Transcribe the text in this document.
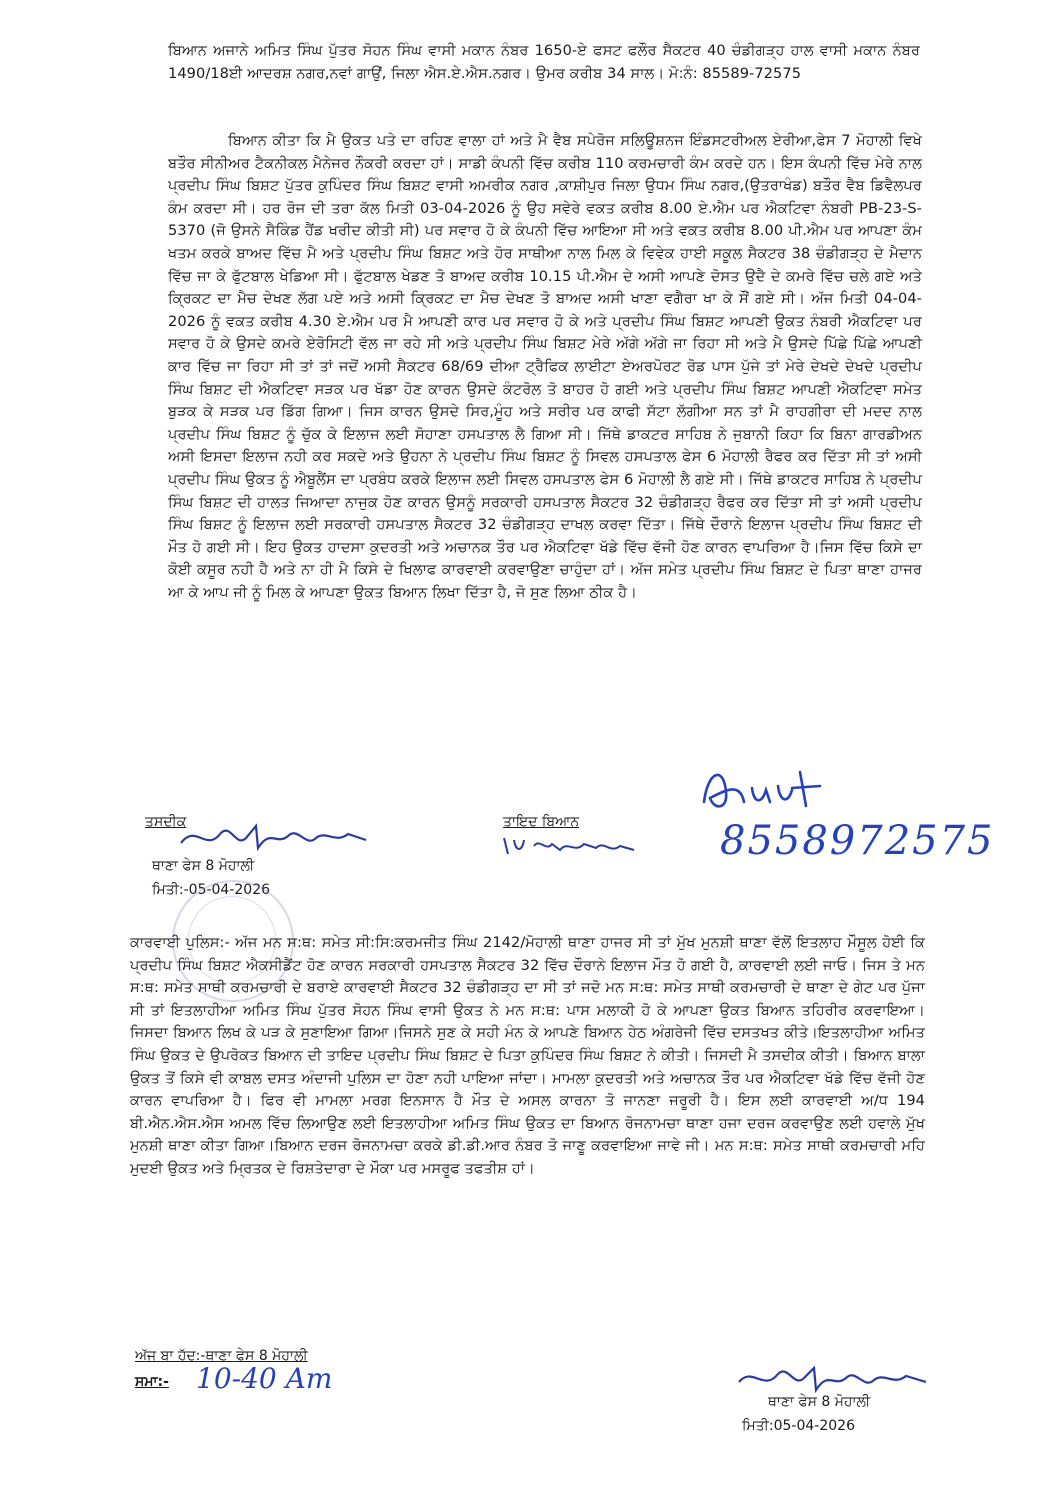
ਬਿਆਨ ਅਜਾਨੇ ਅਮਿਤ ਸਿੰਘ ਪੁੱਤਰ ਸੋਹਨ ਸਿੰਘ ਵਾਸੀ ਮਕਾਨ ਨੰਬਰ 1650-ਏ ਫਸਟ ਫਲੌਰ ਸੈਕਟਰ 40 ਚੰਡੀਗੜ੍ਹ ਹਾਲ ਵਾਸੀ ਮਕਾਨ ਨੰਬਰ 1490/18ਈ ਆਦਰਸ਼ ਨਗਰ,ਨਵਾਂ ਗਾਉਂ, ਜਿਲਾ ਐਸ.ਏ.ਐਸ.ਨਗਰ। ਉਮਰ ਕਰੀਬ 34 ਸਾਲ। ਮੋ:ਨੰ: 85589-72575

ਬਿਆਨ ਕੀਤਾ ਕਿ ਮੈ ਉਕਤ ਪਤੇ ਦਾ ਰਹਿਣ ਵਾਲਾ ਹਾਂ ਅਤੇ ਮੈ ਵੈਬ ਸਪੇਰੋਜ ਸਲਿਊਸ਼ਨਜ ਇੰਡਸਟਰੀਅਲ ਏਰੀਆ,ਫੇਸ 7 ਮੋਹਾਲੀ ਵਿਖੇ ਬਤੌਰ ਸੀਨੀਅਰ ਟੈਕਨੀਕਲ ਮੈਨੇਜਰ ਨੌਕਰੀ ਕਰਦਾ ਹਾਂ। ਸਾਡੀ ਕੰਪਨੀ ਵਿੱਚ ਕਰੀਬ 110 ਕਰਮਚਾਰੀ ਕੰਮ ਕਰਦੇ ਹਨ। ਇਸ ਕੰਪਨੀ ਵਿੱਚ ਮੇਰੇ ਨਾਲ ਪ੍ਰਦੀਪ ਸਿੰਘ ਬਿਸ਼ਟ ਪੁੱਤਰ ਕੁਪਿੰਦਰ ਸਿੰਘ ਬਿਸ਼ਟ ਵਾਸੀ ਅਮਰੀਕ ਨਗਰ ,ਕਾਸ਼ੀਪੁਰ ਜਿਲਾ ਉਧਮ ਸਿੰਘ ਨਗਰ,(ਉਤਰਾਖੰਡ) ਬਤੌਰ ਵੈਬ ਡਿਵੈਲਪਰ ਕੰਮ ਕਰਦਾ ਸੀ। ਹਰ ਰੋਜ ਦੀ ਤਰਾ ਕੱਲ ਮਿਤੀ 03-04-2026 ਨੂੰ ਉਹ ਸਵੇਰੇ ਵਕਤ ਕਰੀਬ 8.00 ਏ.ਐਮ ਪਰ ਐਕਟਿਵਾ ਨੰਬਰੀ PB-23-S-5370 (ਜੋ ਉਸਨੇ ਸੈਕਿੰਡ ਹੈਂਡ ਖਰੀਦ ਕੀਤੀ ਸੀ) ਪਰ ਸਵਾਰ ਹੋ ਕੇ ਕੰਪਨੀ ਵਿੱਚ ਆਇਆ ਸੀ ਅਤੇ ਵਕਤ ਕਰੀਬ 8.00 ਪੀ.ਐਮ ਪਰ ਆਪਣਾ ਕੰਮ ਖਤਮ ਕਰਕੇ ਬਾਅਦ ਵਿੱਚ ਮੈ ਅਤੇ ਪ੍ਰਦੀਪ ਸਿੰਘ ਬਿਸ਼ਟ ਅਤੇ ਹੋਰ ਸਾਥੀਆ ਨਾਲ ਮਿਲ ਕੇ ਵਿਵੇਕ ਹਾਈ ਸਕੂਲ ਸੈਕਟਰ 38 ਚੰਡੀਗੜ੍ਹ ਦੇ ਮੈਦਾਨ ਵਿੱਚ ਜਾ ਕੇ ਫੁੱਟਬਾਲ ਖੇਡਿਆ ਸੀ। ਫੁੱਟਬਾਲ ਖੇਡਣ ਤੋ ਬਾਅਦ ਕਰੀਬ 10.15 ਪੀ.ਐਮ ਦੇ ਅਸੀ ਆਪਣੇ ਦੋਸਤ ਉਦੈ ਦੇ ਕਮਰੇ ਵਿੱਚ ਚਲੇ ਗਏ ਅਤੇ ਕ੍ਰਿਕਟ ਦਾ ਮੈਚ ਦੇਖਣ ਲੱਗ ਪਏ ਅਤੇ ਅਸੀ ਕ੍ਰਿਕਟ ਦਾ ਮੈਚ ਦੇਖਣ ਤੋ ਬਾਅਦ ਅਸੀ ਖਾਣਾ ਵਗੈਰਾ ਖਾ ਕੇ ਸੌਂ ਗਏ ਸੀ। ਅੱਜ ਮਿਤੀ 04-04-2026 ਨੂੰ ਵਕਤ ਕਰੀਬ 4.30 ਏ.ਐਮ ਪਰ ਮੈ ਆਪਣੀ ਕਾਰ ਪਰ ਸਵਾਰ ਹੋ ਕੇ ਅਤੇ ਪ੍ਰਦੀਪ ਸਿੰਘ ਬਿਸ਼ਟ ਆਪਣੀ ਉਕਤ ਨੰਬਰੀ ਐਕਟਿਵਾ ਪਰ ਸਵਾਰ ਹੋ ਕੇ ਉਸਦੇ ਕਮਰੇ ਏਰੋਸਿਟੀ ਵੱਲ ਜਾ ਰਹੇ ਸੀ ਅਤੇ ਪ੍ਰਦੀਪ ਸਿੰਘ ਬਿਸ਼ਟ ਮੇਰੇ ਅੱਗੇ ਅੱਗੇ ਜਾ ਰਿਹਾ ਸੀ ਅਤੇ ਮੈ ਉਸਦੇ ਪਿੱਛੇ ਪਿੱਛੇ ਆਪਣੀ ਕਾਰ ਵਿੱਚ ਜਾ ਰਿਹਾ ਸੀ ਤਾਂ ਤਾਂ ਜਦੋਂ ਅਸੀ ਸੈਕਟਰ 68/69 ਦੀਆ ਟ੍ਰੈਫਿਕ ਲਾਈਟਾ ਏਅਰਪੋਰਟ ਰੋਡ ਪਾਸ ਪੁੱਜੇ ਤਾਂ ਮੇਰੇ ਦੇਖਦੇ ਦੇਖਦੇ ਪ੍ਰਦੀਪ ਸਿੰਘ ਬਿਸ਼ਟ ਦੀ ਐਕਟਿਵਾ ਸੜਕ ਪਰ ਖੱਡਾ ਹੋਣ ਕਾਰਨ ਉਸਦੇ ਕੰਟਰੋਲ ਤੋ ਬਾਹਰ ਹੋ ਗਈ ਅਤੇ ਪ੍ਰਦੀਪ ਸਿੰਘ ਬਿਸ਼ਟ ਆਪਣੀ ਐਕਟਿਵਾ ਸਮੇਤ ਬੁੜਕ ਕੇ ਸੜਕ ਪਰ ਡਿੱਗ ਗਿਆ। ਜਿਸ ਕਾਰਨ ਉਸਦੇ ਸਿਰ,ਮੂੰਹ ਅਤੇ ਸਰੀਰ ਪਰ ਕਾਫੀ ਸੱਟਾ ਲੱਗੀਆ ਸਨ ਤਾਂ ਮੈ ਰਾਹਗੀਰਾ ਦੀ ਮਦਦ ਨਾਲ ਪ੍ਰਦੀਪ ਸਿੰਘ ਬਿਸ਼ਟ ਨੂੰ ਚੁੱਕ ਕੇ ਇਲਾਜ ਲਈ ਸੋਹਾਣਾ ਹਸਪਤਾਲ ਲੈ ਗਿਆ ਸੀ। ਜਿੱਥੇ ਡਾਕਟਰ ਸਾਹਿਬ ਨੇ ਜੁਬਾਨੀ ਕਿਹਾ ਕਿ ਬਿਨਾ ਗਾਰਡੀਅਨ ਅਸੀ ਇਸਦਾ ਇਲਾਜ ਨਹੀ ਕਰ ਸਕਦੇ ਅਤੇ ਉਹਨਾ ਨੇ ਪ੍ਰਦੀਪ ਸਿੰਘ ਬਿਸ਼ਟ ਨੂੰ ਸਿਵਲ ਹਸਪਤਾਲ ਫੇਸ 6 ਮੋਹਾਲੀ ਰੈਫਰ ਕਰ ਦਿੱਤਾ ਸੀ ਤਾਂ ਅਸੀ ਪ੍ਰਦੀਪ ਸਿੰਘ ਉਕਤ ਨੂੰ ਐਬੂਲੈਂਸ ਦਾ ਪ੍ਰਬੰਧ ਕਰਕੇ ਇਲਾਜ ਲਈ ਸਿਵਲ ਹਸਪਤਾਲ ਫੇਸ 6 ਮੋਹਾਲੀ ਲੈ ਗਏ ਸੀ। ਜਿੱਥੇ ਡਾਕਟਰ ਸਾਹਿਬ ਨੇ ਪ੍ਰਦੀਪ ਸਿੰਘ ਬਿਸ਼ਟ ਦੀ ਹਾਲਤ ਜਿਆਦਾ ਨਾਜੁਕ ਹੋਣ ਕਾਰਨ ਉਸਨੂੰ ਸਰਕਾਰੀ ਹਸਪਤਾਲ ਸੈਕਟਰ 32 ਚੰਡੀਗੜ੍ਹ ਰੈਫਰ ਕਰ ਦਿੱਤਾ ਸੀ ਤਾਂ ਅਸੀ ਪ੍ਰਦੀਪ ਸਿੰਘ ਬਿਸ਼ਟ ਨੂੰ ਇਲਾਜ ਲਈ ਸਰਕਾਰੀ ਹਸਪਤਾਲ ਸੈਕਟਰ 32 ਚੰਡੀਗੜ੍ਹ ਦਾਖਲ ਕਰਵਾ ਦਿੱਤਾ। ਜਿੱਥੇ ਦੌਰਾਨੇ ਇਲਾਜ ਪ੍ਰਦੀਪ ਸਿੰਘ ਬਿਸ਼ਟ ਦੀ ਮੌਤ ਹੋ ਗਈ ਸੀ। ਇਹ ਉਕਤ ਹਾਦਸਾ ਕੁਦਰਤੀ ਅਤੇ ਅਚਾਨਕ ਤੌਰ ਪਰ ਐਕਟਿਵਾ ਖੱਡੇ ਵਿੱਚ ਵੱਜੀ ਹੋਣ ਕਾਰਨ ਵਾਪਰਿਆ ਹੈ।ਜਿਸ ਵਿੱਚ ਕਿਸੇ ਦਾ ਕੋਈ ਕਸੂਰ ਨਹੀ ਹੈ ਅਤੇ ਨਾ ਹੀ ਮੈ ਕਿਸੇ ਦੇ ਖਿਲਾਫ ਕਾਰਵਾਈ ਕਰਵਾਉਣਾ ਚਾਹੁੰਦਾ ਹਾਂ। ਅੱਜ ਸਮੇਤ ਪ੍ਰਦੀਪ ਸਿੰਘ ਬਿਸ਼ਟ ਦੇ ਪਿਤਾ ਥਾਣਾ ਹਾਜਰ ਆ ਕੇ ਆਪ ਜੀ ਨੂੰ ਮਿਲ ਕੇ ਆਪਣਾ ਉਕਤ ਬਿਆਨ ਲਿਖਾ ਦਿੱਤਾ ਹੈ, ਜੋ ਸੁਣ ਲਿਆ ਠੀਕ ਹੈ।

ਤਸਦੀਕ
ਥਾਣਾ ਫੇਸ 8 ਮੋਹਾਲੀ
ਮਿਤੀ:-05-04-2026
ਤਾਇਦ ਬਿਆਨ	8558972575

ਕਾਰਵਾਈ ਪੁਲਿਸ:- ਅੱਜ ਮਨ ਸ:ਥ: ਸਮੇਤ ਸੀ:ਸਿ:ਕਰਮਜੀਤ ਸਿੰਘ 2142/ਮੋਹਾਲੀ ਥਾਣਾ ਹਾਜਰ ਸੀ ਤਾਂ ਮੁੱਖ ਮੁਨਸ਼ੀ ਥਾਣਾ ਵੱਲੋਂ ਇਤਲਾਹ ਮੌਸੂਲ ਹੋਈ ਕਿ ਪ੍ਰਦੀਪ ਸਿੰਘ ਬਿਸ਼ਟ ਐਕਸੀਡੈਂਟ ਹੋਣ ਕਾਰਨ ਸਰਕਾਰੀ ਹਸਪਤਾਲ ਸੈਕਟਰ 32 ਵਿੱਚ ਦੌਰਾਨੇ ਇਲਾਜ ਮੌਤ ਹੋ ਗਈ ਹੈ, ਕਾਰਵਾਈ ਲਈ ਜਾਓ। ਜਿਸ ਤੇ ਮਨ ਸ:ਥ: ਸਮੇਤ ਸਾਥੀ ਕਰਮਚਾਰੀ ਦੇ ਬਰਾਏ ਕਾਰਵਾਈ ਸੈਕਟਰ 32 ਚੰਡੀਗੜ੍ਹ ਦਾ ਸੀ ਤਾਂ ਜਦੋ ਮਨ ਸ:ਥ: ਸਮੇਤ ਸਾਥੀ ਕਰਮਚਾਰੀ ਦੇ ਥਾਣਾ ਦੇ ਗੇਟ ਪਰ ਪੁੱਜਾ ਸੀ ਤਾਂ ਇਤਲਾਹੀਆ ਅਮਿਤ ਸਿੰਘ ਪੁੱਤਰ ਸੋਹਨ ਸਿੰਘ ਵਾਸੀ ਉਕਤ ਨੇ ਮਨ ਸ:ਥ: ਪਾਸ ਮਲਾਕੀ ਹੋ ਕੇ ਆਪਣਾ ਉਕਤ ਬਿਆਨ ਤਹਿਰੀਰ ਕਰਵਾਇਆ। ਜਿਸਦਾ ਬਿਆਨ ਲਿਖ ਕੇ ਪੜ ਕੇ ਸੁਣਾਇਆ ਗਿਆ।ਜਿਸਨੇ ਸੁਣ ਕੇ ਸਹੀ ਮੰਨ ਕੇ ਆਪਣੇ ਬਿਆਨ ਹੇਠ ਅੰਗਰੇਜੀ ਵਿੱਚ ਦਸਤਖਤ ਕੀਤੇ।ਇਤਲਾਹੀਆ ਅਮਿਤ ਸਿੰਘ ਉਕਤ ਦੇ ਉਪਰੋਕਤ ਬਿਆਨ ਦੀ ਤਾਇਦ ਪ੍ਰਦੀਪ ਸਿੰਘ ਬਿਸ਼ਟ ਦੇ ਪਿਤਾ ਕੁਪਿੰਦਰ ਸਿੰਘ ਬਿਸ਼ਟ ਨੇ ਕੀਤੀ। ਜਿਸਦੀ ਮੈ ਤਸਦੀਕ ਕੀਤੀ। ਬਿਆਨ ਬਾਲਾ ਉਕਤ ਤੋਂ ਕਿਸੇ ਵੀ ਕਾਬਲ ਦਸਤ ਅੰਦਾਜੀ ਪੁਲਿਸ ਦਾ ਹੋਣਾ ਨਹੀ ਪਾਇਆ ਜਾਂਦਾ। ਮਾਮਲਾ ਕੁਦਰਤੀ ਅਤੇ ਅਚਾਨਕ ਤੌਰ ਪਰ ਐਕਟਿਵਾ ਖੱਡੇ ਵਿੱਚ ਵੱਜੀ ਹੋਣ ਕਾਰਨ ਵਾਪਰਿਆ ਹੈ। ਫਿਰ ਵੀ ਮਾਮਲਾ ਮਰਗ ਇਨਸਾਨ ਹੈ ਮੌਤ ਦੇ ਅਸਲ ਕਾਰਨਾ ਤੋ ਜਾਨਣਾ ਜਰੂਰੀ ਹੈ। ਇਸ ਲਈ ਕਾਰਵਾਈ ਅ/ਧ 194 ਬੀ.ਐਨ.ਐਸ.ਐਸ ਅਮਲ ਵਿੱਚ ਲਿਆਉਣ ਲਈ ਇਤਲਾਹੀਆ ਅਮਿਤ ਸਿੰਘ ਉਕਤ ਦਾ ਬਿਆਨ ਰੋਜਨਾਮਚਾ ਥਾਣਾ ਹਜਾ ਦਰਜ ਕਰਵਾਉਣ ਲਈ ਹਵਾਲੇ ਮੁੱਖ ਮੁਨਸ਼ੀ ਥਾਣਾ ਕੀਤਾ ਗਿਆ।ਬਿਆਨ ਦਰਜ ਰੋਜਨਾਮਚਾ ਕਰਕੇ ਡੀ.ਡੀ.ਆਰ ਨੰਬਰ ਤੋ ਜਾਣੂ ਕਰਵਾਇਆ ਜਾਵੇ ਜੀ। ਮਨ ਸ:ਥ: ਸਮੇਤ ਸਾਥੀ ਕਰਮਚਾਰੀ ਮਹਿ ਮੁਦਈ ਉਕਤ ਅਤੇ ਮ੍ਰਿਤਕ ਦੇ ਰਿਸ਼ਤੇਦਾਰਾ ਦੇ ਮੌਕਾ ਪਰ ਮਸਰੂਫ ਤਫਤੀਸ਼ ਹਾਂ।

ਅੱਜ ਬਾ ਹੱਦ:-ਥਾਣਾ ਫੇਸ 8 ਮੋਹਾਲੀ
ਸਮਾ:- 10-40 Am
ਥਾਣਾ ਫੇਸ 8 ਮੋਹਾਲੀ
ਮਿਤੀ:05-04-2026
